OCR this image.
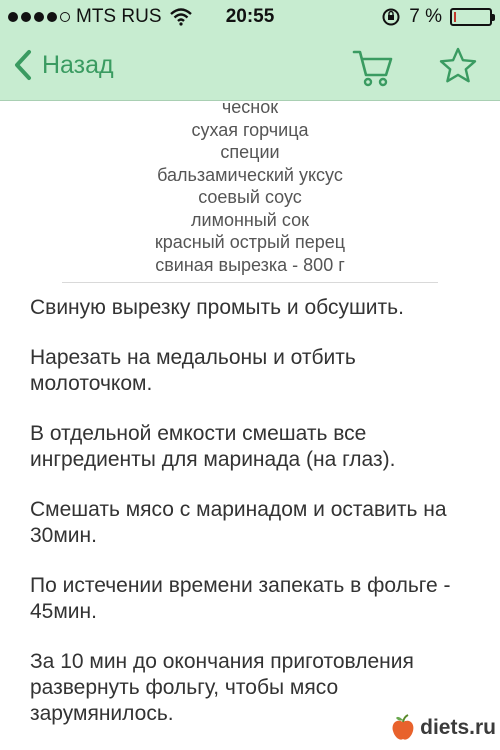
MTS RUS	20:55	7 %
Назад
чеснок
сухая горчица
специи
бальзамический уксус
соевый соус
лимонный сок
красный острый перец
свиная вырезка - 800 г

Свиную вырезку промыть и обсушить.

Нарезать на медальоны и отбить молоточком.

В отдельной емкости смешать все ингредиенты для маринада (на глаз).

Смешать мясо с маринадом и оставить на 30мин.

По истечении времени запекать в фольге - 45мин.

За 10 мин до окончания приготовления развернуть фольгу, чтобы мясо зарумянилось.

diets.ru
